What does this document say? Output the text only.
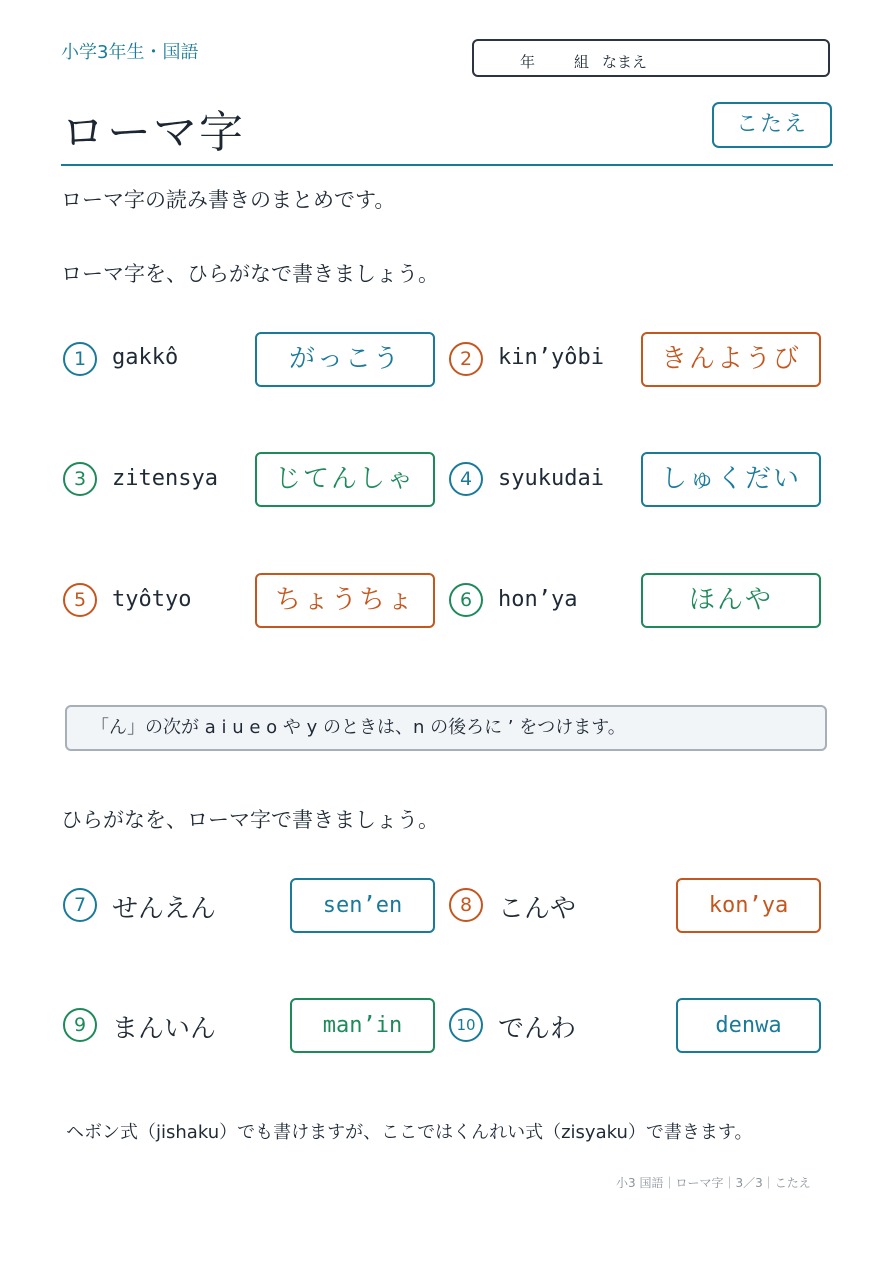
小学3年生・国語	年	組 なまえ
ローマ字	こたえ
ローマ字の読み書きのまとめです。
ローマ字を、ひらがなで書きましょう。
1	gakkô	がっこう	2	kin’yôbi	きんようび
3	zitensya	じてんしゃ	4	syukudai	しゅくだい
5	tyôtyo	ちょうちょ	6	hon’ya	ほんや
「ん」の次が a i u e o や y のときは、n の後ろに ’ をつけます。
ひらがなを、ローマ字で書きましょう。
7 せんえん	sen’en	8 こんや	kon’ya
9 まんいん	man’in	10 でんわ	denwa
ヘボン式（jishaku）でも書けますが、ここではくんれい式（zisyaku）で書きます。
小3 国語｜ローマ字｜3／3｜こたえ
